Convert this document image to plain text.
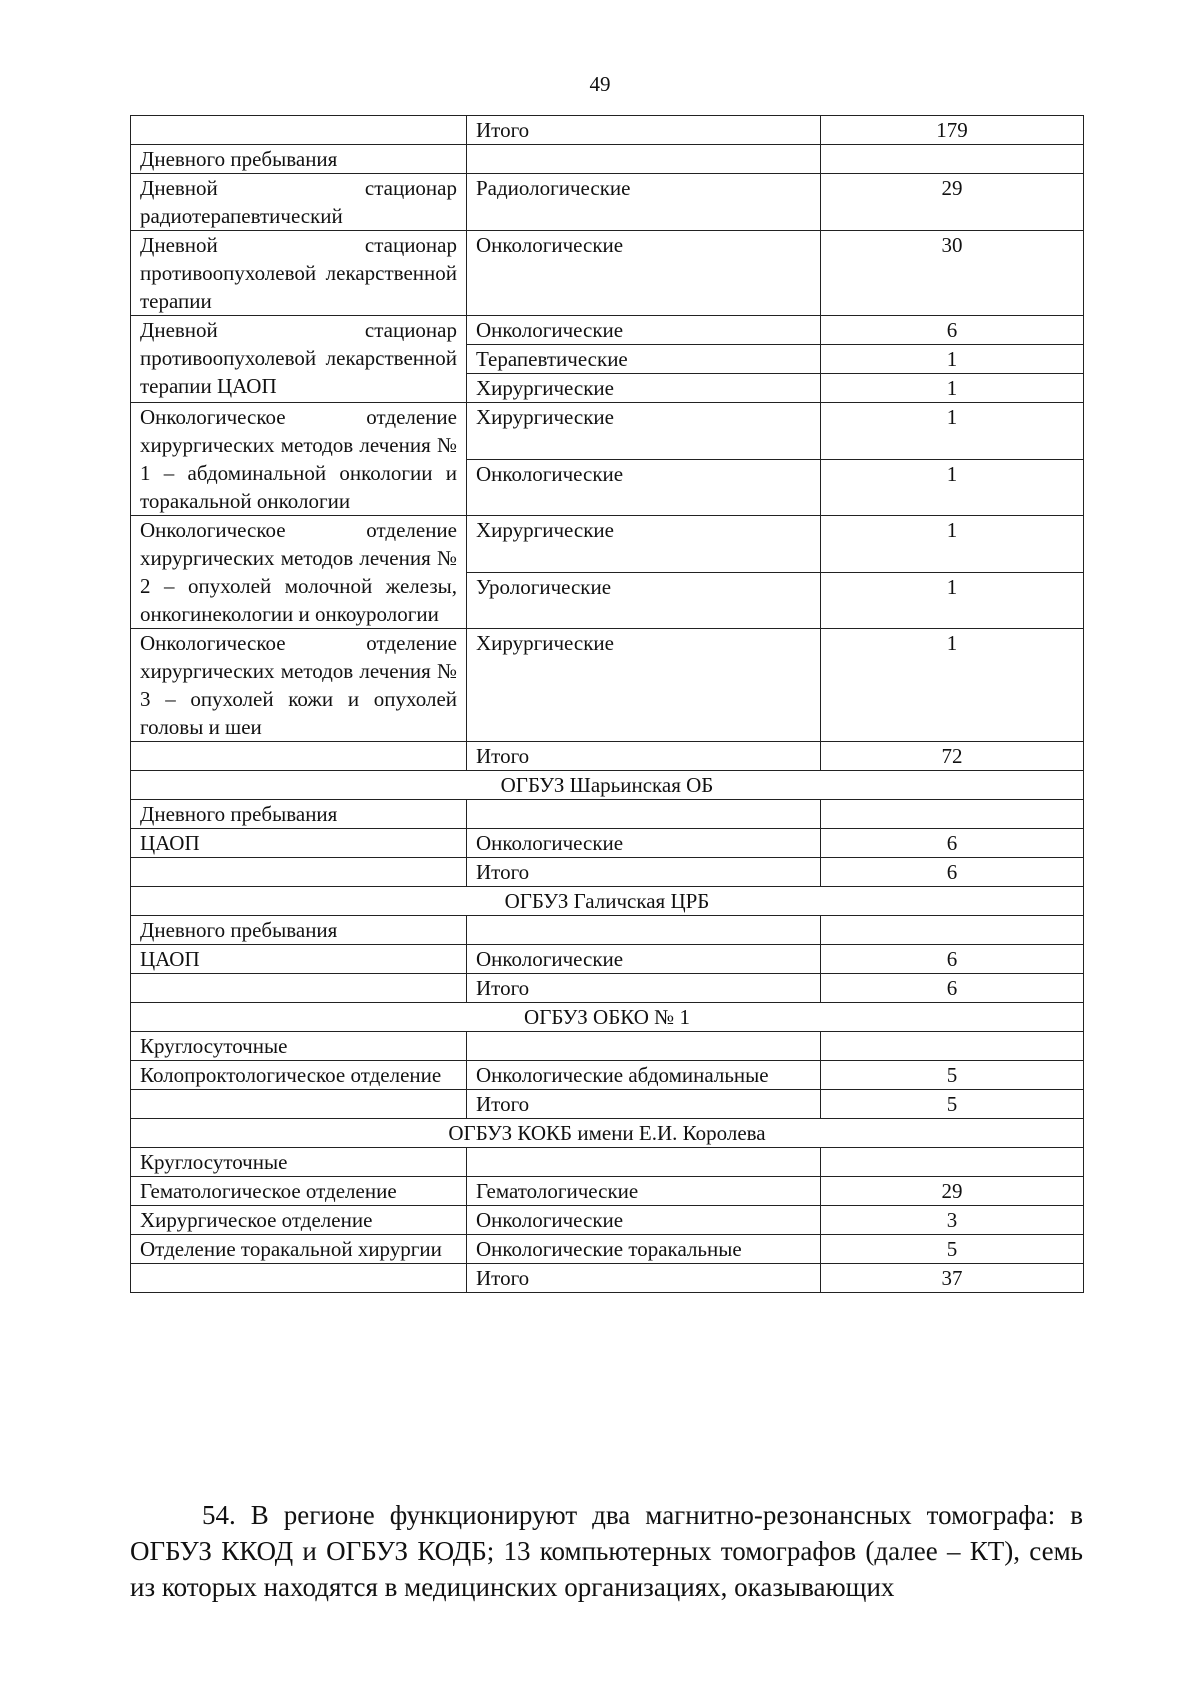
49
	Итого	179
Дневного пребывания		
Дневной стационар радиотерапевтический	Радиологические	29
Дневной стационар противоопухолевой лекарственной терапии	Онкологические	30
Дневной стационар противоопухолевой лекарственной терапии ЦАОП	Онкологические	6
	Терапевтические	1
	Хирургические	1
Онкологическое отделение хирургических методов лечения № 1 – абдоминальной онкологии и торакальной онкологии	Хирургические	1
	Онкологические	1
Онкологическое отделение хирургических методов лечения № 2 – опухолей молочной железы, онкогинекологии и онкоурологии	Хирургические	1
	Урологические	1
Онкологическое отделение хирургических методов лечения № 3 – опухолей кожи и опухолей головы и шеи	Хирургические	1
	Итого	72
ОГБУЗ Шарьинская ОБ		
Дневного пребывания		
ЦАОП	Онкологические	6
	Итого	6
ОГБУЗ Галичская ЦРБ		
Дневного пребывания		
ЦАОП	Онкологические	6
	Итого	6
ОГБУЗ ОБКО № 1		
Круглосуточные		
Колопроктологическое отделение	Онкологические абдоминальные	5
	Итого	5
ОГБУЗ КОКБ имени Е.И. Королева		
Круглосуточные		
Гематологическое отделение	Гематологические	29
Хирургическое отделение	Онкологические	3
Отделение торакальной хирургии	Онкологические торакальные	5
	Итого	37
54. В регионе функционируют два магнитно-резонансных томографа: в ОГБУЗ ККОД и ОГБУЗ КОДБ; 13 компьютерных томографов (далее – КТ), семь из которых находятся в медицинских организациях, оказывающих
